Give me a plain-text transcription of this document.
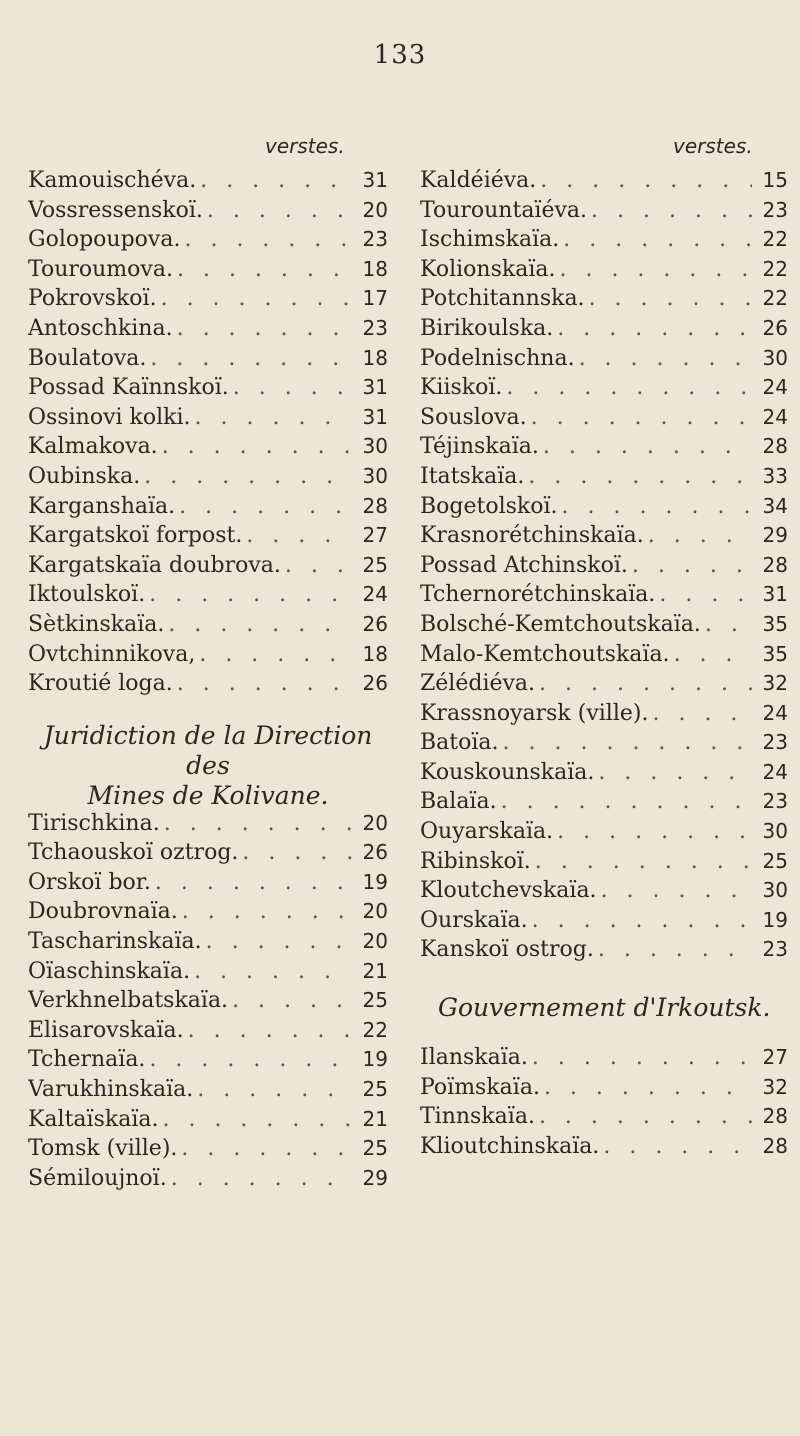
133
verstes.	verstes.
Kamouischéva. . . .	31
Vossressenskoï. . . .	20
Golopoupova. . . .	23
Touroumova. . . .	18
Pokrovskoï. . . .	17
Antoschkina. . . .	23
Boulatova. . . .	18
Possad Kaïnnskoï. . . .	31
Ossinovi kolki. . . .	31
Kalmakova. . . .	30
Oubinska. . . .	30
Karganshaïa. . . .	28
Kargatskoï forpost. . . .	27
Kargatskaïa doubrova. . . .	25
Iktoulskoï. . . .	24
Sètkinskaïa. . . .	26
Ovtchinnikova, . . .	18
Kroutié loga. . . .	26
Juridiction de la Direction des
Mines de Kolivane.
Tirischkina. . . .	20
Tchaouskoï oztrog. . . .	26
Orskoï bor. . . .	19
Doubrovnaïa. . . .	20
Tascharinskaïa. . . .	20
Oïaschinskaïa. . . .	21
Verkhnelbatskaïa. . . .	25
Elisarovskaïa. . . .	22
Tchernaïa. . . .	19
Varukhinskaïa. . . .	25
Kaltaïskaïa. . . .	21
Tomsk (ville). . . .	25
Sémiloujnoï. . . .	29
Kaldéiéva. . . .	15
Tourountaïéva. . . .	23
Ischimskaïa. . . .	22
Kolionskaïa. . . .	22
Potchitannska. . . .	22
Birikoulska. . . .	26
Podelnischna. . . .	30
Kiiskoï. . . .	24
Souslova. . . .	24
Téjinskaïa. . . .	28
Itatskaïa. . . .	33
Bogetolskoï. . . .	34
Krasnorétchinskaïa. . . .	29
Possad Atchinskoï. . . .	28
Tchernorétchinskaïa. . . .	31
Bolsché-Kemtchoutskaïa. . . .	35
Malo-Kemtchoutskaïa. . . .	35
Zélédiéva. . . .	32
Krassnoyarsk (ville). . . .	24
Batoïa. . . .	23
Kouskounskaïa. . . .	24
Balaïa. . . .	23
Ouyarskaïa. . . .	30
Ribinskoï. . . .	25
Kloutchevskaïa. . . .	30
Ourskaïa. . . .	19
Kanskoï ostrog. . . .	23
Gouvernement d'Irkoutsk.
Ilanskaïa. . . .	27
Poïmskaïa. . . .	32
Tinnskaïa. . . .	28
Klioutchinskaïa. . . .	28
